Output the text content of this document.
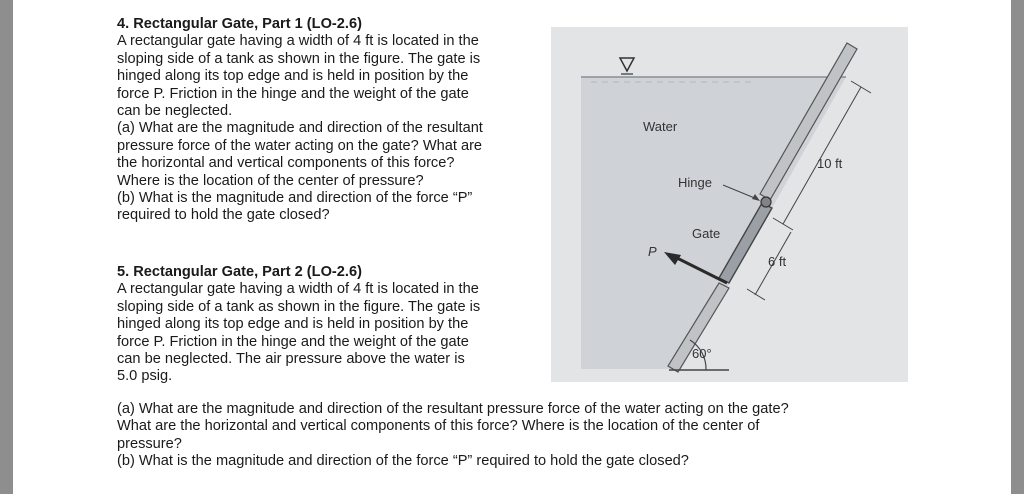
4. Rectangular Gate, Part 1 (LO-2.6)

A rectangular gate having a width of 4 ft is located in the

sloping side of a tank as shown in the figure. The gate is

hinged along its top edge and is held in position by the

force P. Friction in the hinge and the weight of the gate

can be neglected.

(a) What are the magnitude and direction of the resultant

pressure force of the water acting on the gate? What are

the horizontal and vertical components of this force?

Where is the location of the center of pressure?

(b) What is the magnitude and direction of the force “P”

required to hold the gate closed?

5. Rectangular Gate, Part 2 (LO-2.6)

A rectangular gate having a width of 4 ft is located in the

sloping side of a tank as shown in the figure. The gate is

hinged along its top edge and is held in position by the

force P. Friction in the hinge and the weight of the gate

can be neglected. The air pressure above the water is

5.0 psig.

(a) What are the magnitude and direction of the resultant pressure force of the water acting on the gate?

What are the horizontal and vertical components of this force? Where is the location of the center of

pressure?

(b) What is the magnitude and direction of the force “P” required to hold the gate closed?

60°
Water
Hinge
Gate
P
10 ft
6 ft
